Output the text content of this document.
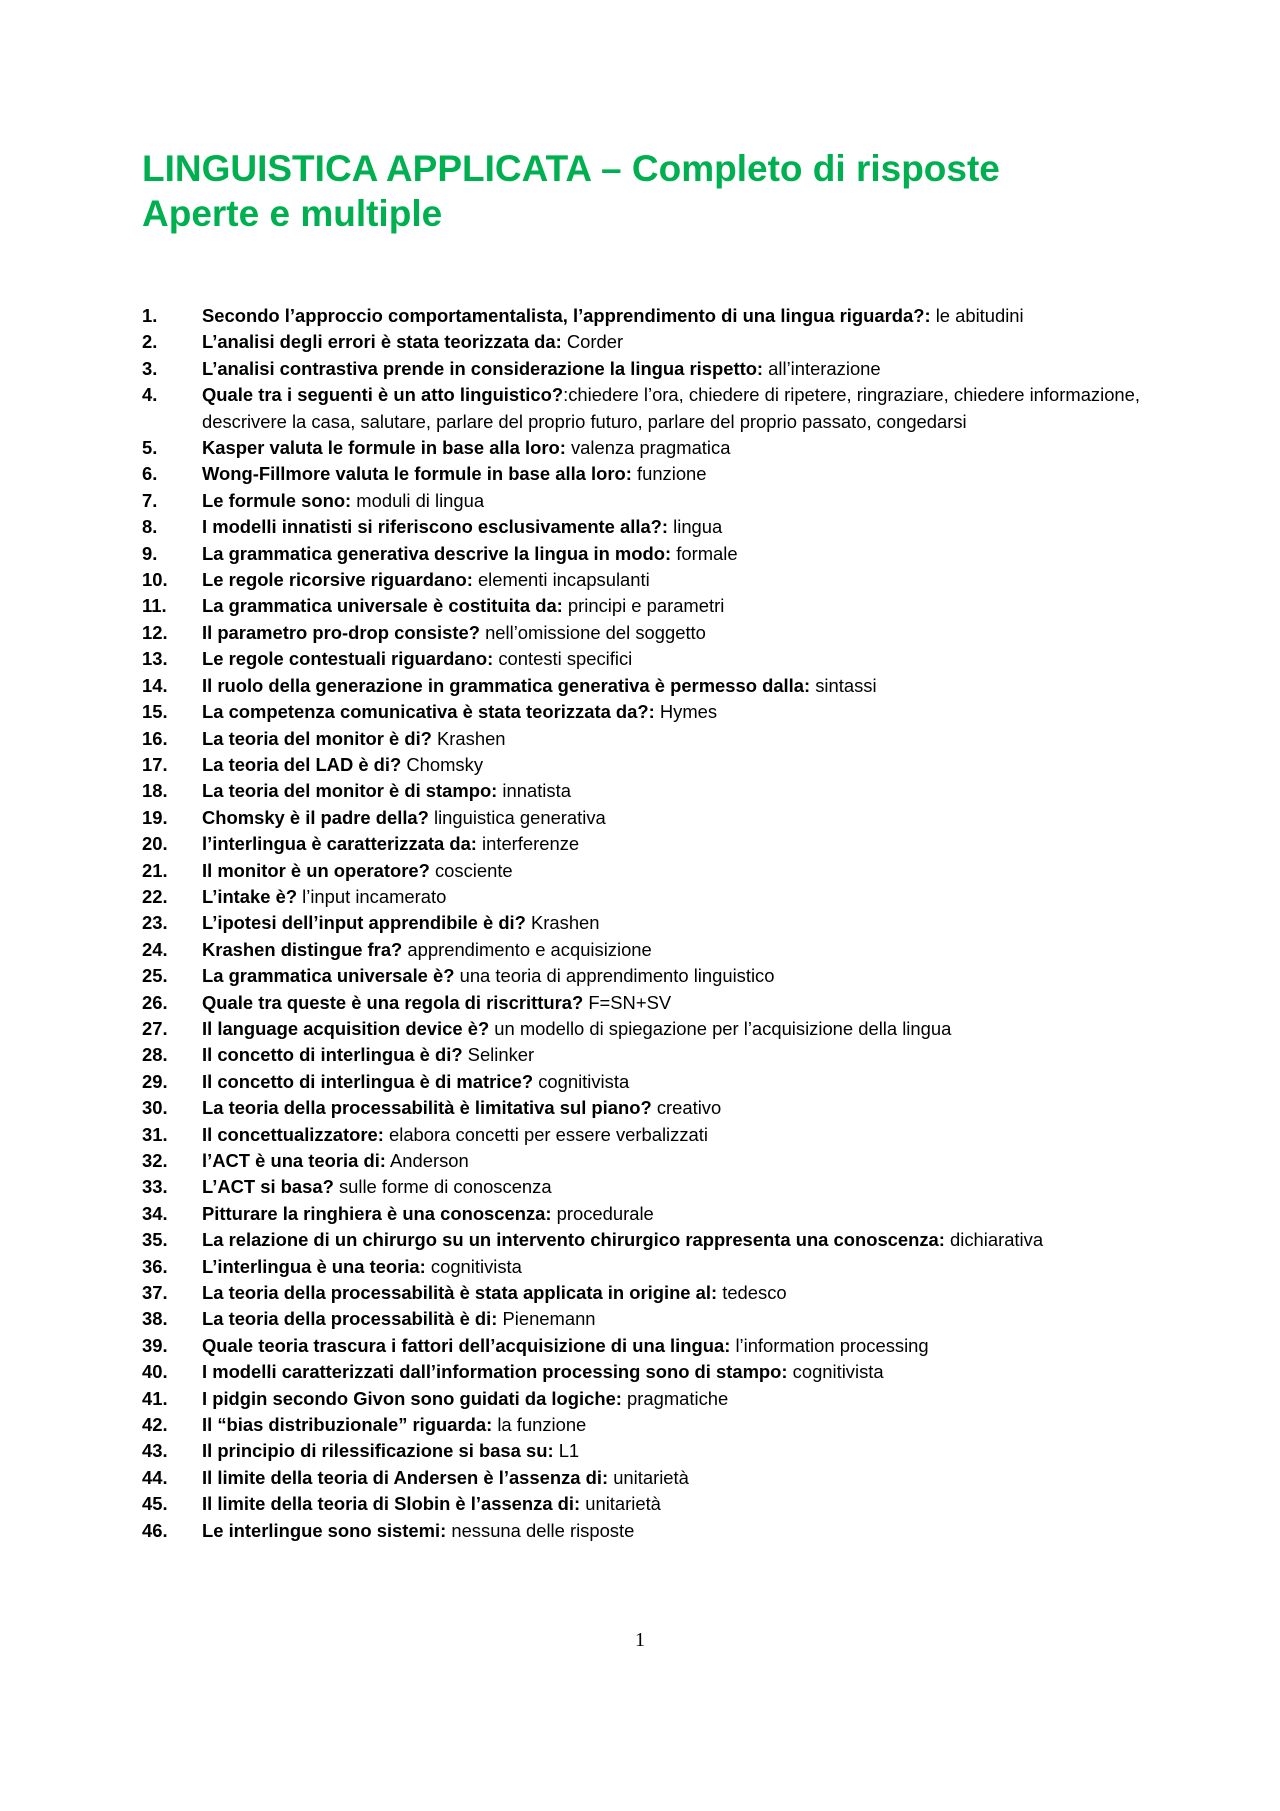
LINGUISTICA APPLICATA – Completo di risposte
Aperte e multiple
1.	Secondo l’approccio comportamentalista, l’apprendimento di una lingua riguarda?: le abitudini
2.	L’analisi degli errori è stata teorizzata da: Corder
3.	L’analisi contrastiva prende in considerazione la lingua rispetto: all’interazione
4.	Quale tra i seguenti è un atto linguistico?:chiedere l’ora, chiedere di ripetere, ringraziare, chiedere informazione, descrivere la casa, salutare, parlare del proprio futuro, parlare del proprio passato, congedarsi
5.	Kasper valuta le formule in base alla loro: valenza pragmatica
6.	Wong-Fillmore valuta le formule in base alla loro: funzione
7.	Le formule sono: moduli di lingua
8.	I modelli innatisti si riferiscono esclusivamente alla?: lingua
9.	La grammatica generativa descrive la lingua in modo: formale
10.	Le regole ricorsive riguardano: elementi incapsulanti
11.	La grammatica universale è costituita da: principi e parametri
12.	Il parametro pro-drop consiste? nell’omissione del soggetto
13.	Le regole contestuali riguardano: contesti specifici
14.	Il ruolo della generazione in grammatica generativa è permesso dalla: sintassi
15.	La competenza comunicativa è stata teorizzata da?: Hymes
16.	La teoria del monitor è di? Krashen
17.	La teoria del LAD è di? Chomsky
18.	La teoria del monitor è di stampo: innatista
19.	Chomsky è il padre della? linguistica generativa
20.	l’interlingua è caratterizzata da: interferenze
21.	Il monitor è un operatore? cosciente
22.	L’intake è? l’input incamerato
23.	L’ipotesi dell’input apprendibile è di? Krashen
24.	Krashen distingue fra? apprendimento e acquisizione
25.	La grammatica universale è? una teoria di apprendimento linguistico
26.	Quale tra queste è una regola di riscrittura? F=SN+SV
27.	Il language acquisition device è? un modello di spiegazione per l’acquisizione della lingua
28.	Il concetto di interlingua è di? Selinker
29.	Il concetto di interlingua è di matrice? cognitivista
30.	La teoria della processabilità è limitativa sul piano? creativo
31.	Il concettualizzatore: elabora concetti per essere verbalizzati
32.	l’ACT è una teoria di: Anderson
33.	L’ACT si basa? sulle forme di conoscenza
34.	Pitturare la ringhiera è una conoscenza: procedurale
35.	La relazione di un chirurgo su un intervento chirurgico rappresenta una conoscenza: dichiarativa
36.	L’interlingua è una teoria: cognitivista
37.	La teoria della processabilità è stata applicata in origine al: tedesco
38.	La teoria della processabilità è di: Pienemann
39.	Quale teoria trascura i fattori dell’acquisizione di una lingua: l’information processing
40.	I modelli caratterizzati dall’information processing sono di stampo: cognitivista
41.	I pidgin secondo Givon sono guidati da logiche: pragmatiche
42.	Il “bias distribuzionale” riguarda: la funzione
43.	Il principio di rilessificazione si basa su: L1
44.	Il limite della teoria di Andersen è l’assenza di: unitarietà
45.	Il limite della teoria di Slobin è l’assenza di: unitarietà
46.	Le interlingue sono sistemi: nessuna delle risposte
1
